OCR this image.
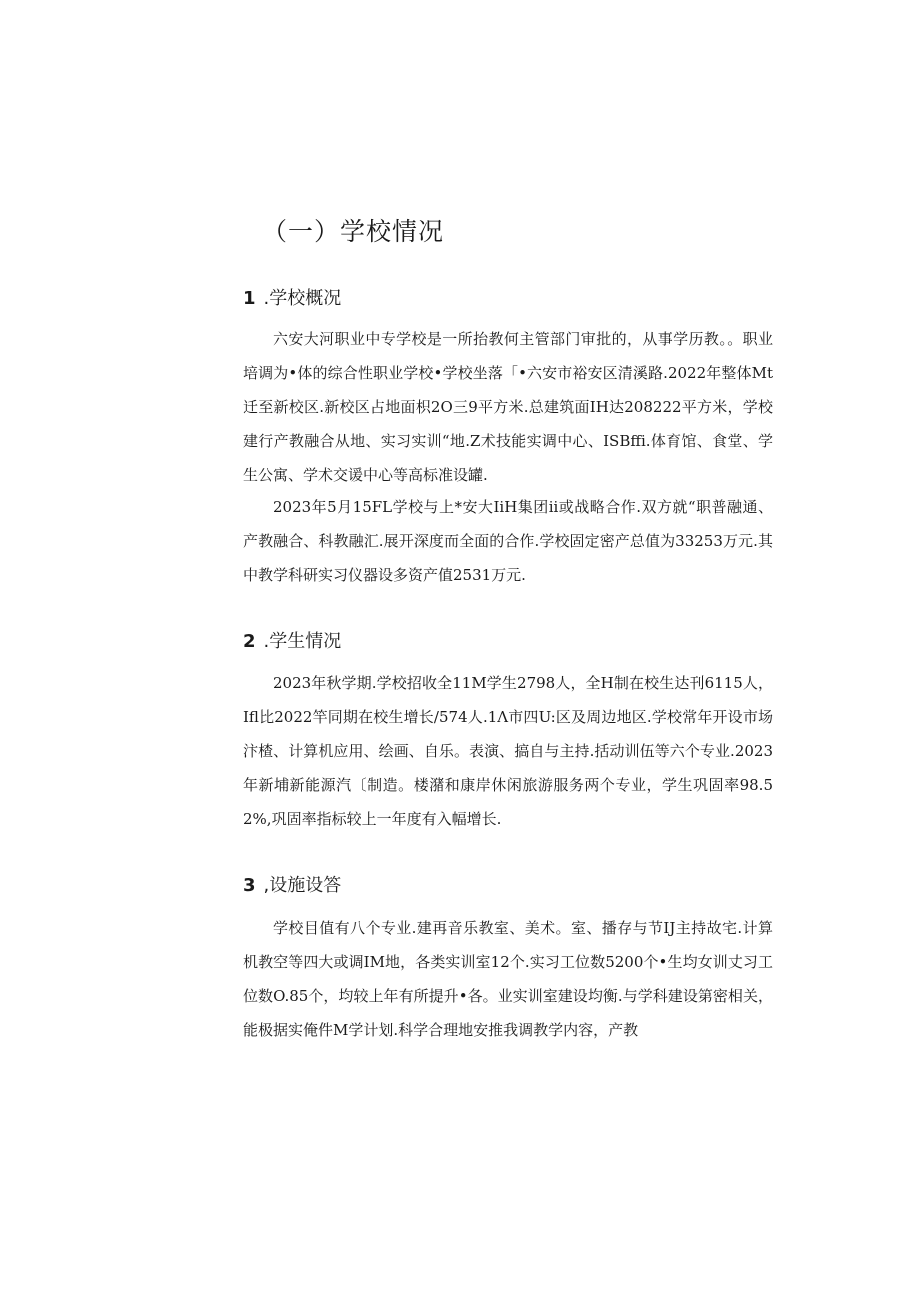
（一）学校情况
1 .学校概况

六安大河职业中专学校是一所抬教何主管部门审批的，从事学历教。。职业培调为•体的综合性职业学校•学校坐落「•六安市裕安区清溪路.2022年整体Mt迁至新校区.新校区占地面枳2O三9平方米.总建筑面IH达208222平方米，学校建行产教融合从地、实习实训“地.Z术技能实调中心、ISBffi.体育馆、食堂、学生公寓、学术交谖中心等高标准设罐.

2023年5月15FL学校与上*安大IiH集团ii或战略合作.双方就“职普融通、产教融合、科教融汇.展开深度而全面的合作.学校固定密产总值为33253万元.其中教学科研实习仪器设多资产值2531万元.

2 .学生情况

2023年秋学期.学校招收全11M学生2798人，全H制在校生达刊6115人，Ifl比2022竿同期在校生增长/574人.1Λ市四U:区及周边地区.学校常年开设市场汴楂、计算机应用、绘画、自乐。表演、搞自与主持.括动训伍等六个专业.2023年新埔新能源汽〔制造。楼潴和康岸休闲旅游服务两个专业，学生巩固率98.52%,巩固率指标较上一年度有入幅增长.

3 ,设施设答

学校目值有八个专业.建再音乐教室、美术。室、播存与节IJ主持故宅.计算机教空等四大或调IM地，各类实训室12个.实习工位数5200个•生均女训丈习工位数O.85个，均较上年有所提升•各。业实训室建设均衡.与学科建设第密相关，能极据实俺件M学计划.科学合理地安推我调教学内容，产教
